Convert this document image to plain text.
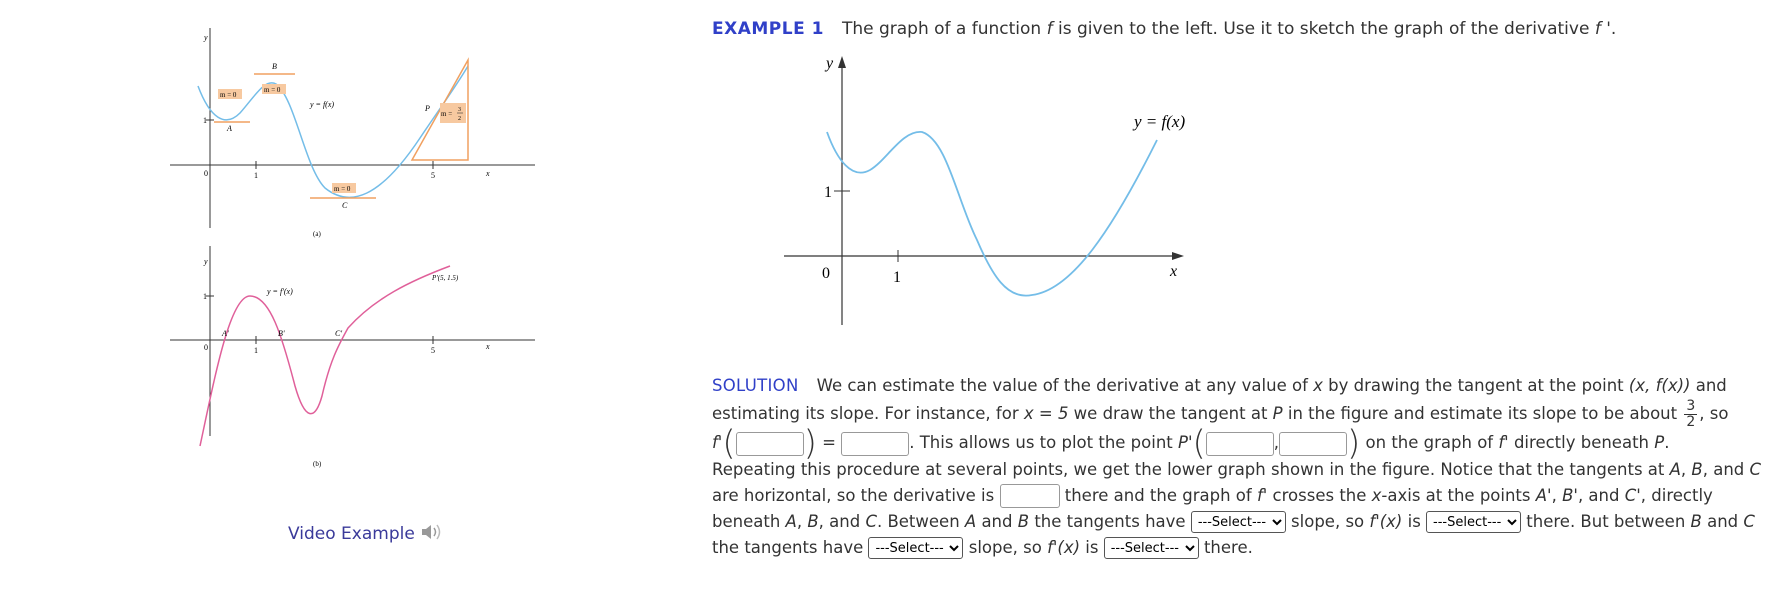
y
x
0	1	5
1
m = 0
m = 0
m = 0
m = 3
2
A
B
C
P
y = f(x)
(a)
y
x
0	1	5
1
A'	B'	C'
P'(5, 1.5)
y = f'(x)
(b)
Video Example
EXAMPLE 1 The graph of a function f is given to the left. Use it to sketch the graph of the derivative f '.
y
x
0	1
1
y = f(x)
SOLUTION We can estimate the value of the derivative at any value of x by drawing the tangent at the point (x, f(x)) and estimating its slope. For instance, for x = 5 we draw the tangent at P in the figure and estimate its slope to be about $\frac{3}{2}$ , so
f'( ) =	. This allows us to plot the point P'(	, ) on the graph of f' directly beneath P.
Repeating this procedure at several points, we get the lower graph shown in the figure. Notice that the tangents at A, B, and C are horizontal, so the derivative is	there and the graph of f' crosses the x-axis at the points A', B', and C', directly beneath A, B, and C. Between A and B the tangents have
---Select---	slope, so f'(x) is
---Select---	there. But between B and C the tangents have
---Select---	slope, so f'(x) is
---Select---	there.
